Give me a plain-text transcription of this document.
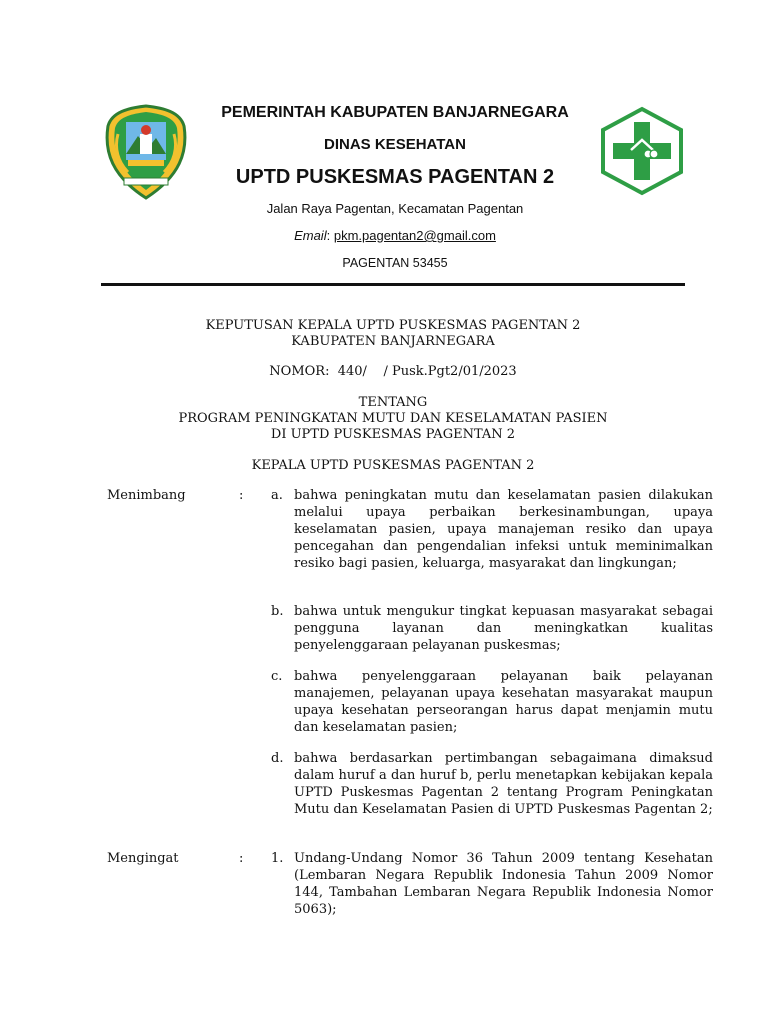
PEMERINTAH KABUPATEN BANJARNEGARA
DINAS KESEHATAN
UPTD PUSKESMAS PAGENTAN 2
Jalan Raya Pagentan, Kecamatan Pagentan
Email: pkm.pagentan2@gmail.com
PAGENTAN 53455
KEPUTUSAN KEPALA UPTD PUSKESMAS PAGENTAN 2
KABUPATEN BANJARNEGARA
NOMOR:  440/    / Pusk.Pgt2/01/2023
TENTANG
PROGRAM PENINGKATAN MUTU DAN KESELAMATAN PASIEN
DI UPTD PUSKESMAS PAGENTAN 2
KEPALA UPTD PUSKESMAS PAGENTAN 2
Menimbang	: a. bahwa peningkatan mutu dan keselamatan pasien dilakukan melalui upaya perbaikan berkesinambungan, upaya keselamatan pasien, upaya manajeman resiko dan upaya pencegahan dan pengendalian infeksi untuk meminimalkan resiko bagi pasien, keluarga, masyarakat dan lingkungan;
b. bahwa untuk mengukur tingkat kepuasan masyarakat sebagai pengguna layanan dan meningkatkan kualitas penyelenggaraan pelayanan puskesmas;
c. bahwa penyelenggaraan pelayanan baik pelayanan manajemen, pelayanan upaya kesehatan masyarakat maupun upaya kesehatan perseorangan harus dapat menjamin mutu dan keselamatan pasien;
d. bahwa berdasarkan pertimbangan sebagaimana dimaksud dalam huruf a dan huruf b, perlu menetapkan kebijakan kepala UPTD Puskesmas Pagentan 2 tentang Program Peningkatan Mutu dan Keselamatan Pasien di UPTD Puskesmas Pagentan 2;
Mengingat	: 1. Undang-Undang Nomor 36 Tahun 2009 tentang Kesehatan (Lembaran Negara Republik Indonesia Tahun 2009 Nomor 144, Tambahan Lembaran Negara Republik Indonesia Nomor 5063);
